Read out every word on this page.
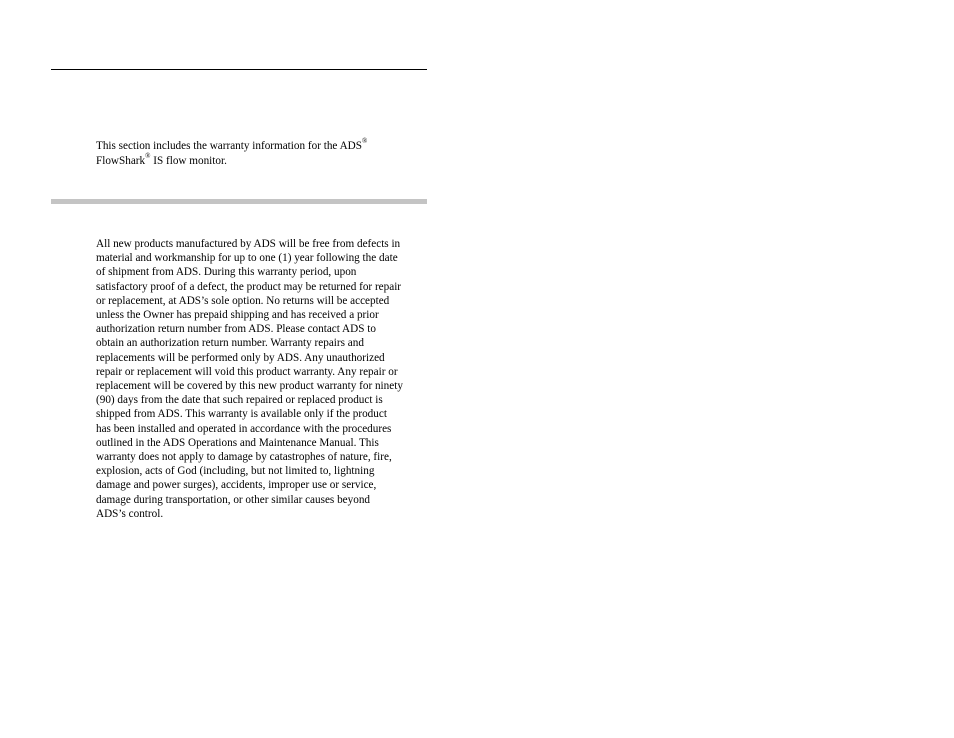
This section includes the warranty information for the ADS®
FlowShark® IS flow monitor.

All new products manufactured by ADS will be free from defects in
material and workmanship for up to one (1) year following the date
of shipment from ADS. During this warranty period, upon
satisfactory proof of a defect, the product may be returned for repair
or replacement, at ADS’s sole option. No returns will be accepted
unless the Owner has prepaid shipping and has received a prior
authorization return number from ADS. Please contact ADS to
obtain an authorization return number. Warranty repairs and
replacements will be performed only by ADS. Any unauthorized
repair or replacement will void this product warranty. Any repair or
replacement will be covered by this new product warranty for ninety
(90) days from the date that such repaired or replaced product is
shipped from ADS. This warranty is available only if the product
has been installed and operated in accordance with the procedures
outlined in the ADS Operations and Maintenance Manual. This
warranty does not apply to damage by catastrophes of nature, fire,
explosion, acts of God (including, but not limited to, lightning
damage and power surges), accidents, improper use or service,
damage during transportation, or other similar causes beyond
ADS’s control.
